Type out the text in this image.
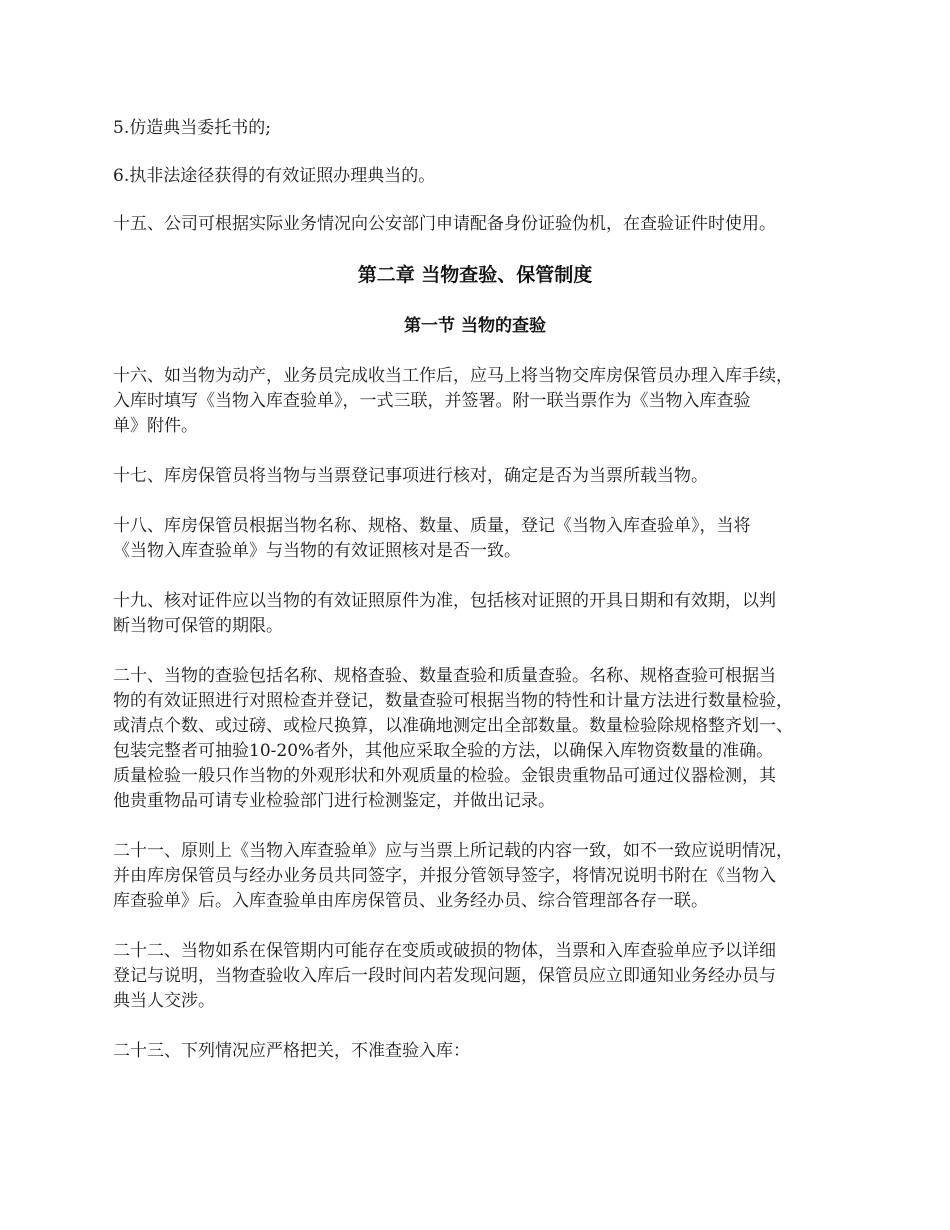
5.仿造典当委托书的;

6.执非法途径获得的有效证照办理典当的。

十五、公司可根据实际业务情况向公安部门申请配备身份证验伪机，在查验证件时使用。

第二章 当物查验、保管制度
第一节 当物的查验

十六、如当物为动产，业务员完成收当工作后，应马上将当物交库房保管员办理入库手续，
入库时填写《当物入库查验单》，一式三联，并签署。附一联当票作为《当物入库查验
单》附件。

十七、库房保管员将当物与当票登记事项进行核对，确定是否为当票所载当物。

十八、库房保管员根据当物名称、规格、数量、质量，登记《当物入库查验单》，当将
《当物入库查验单》与当物的有效证照核对是否一致。

十九、核对证件应以当物的有效证照原件为准，包括核对证照的开具日期和有效期，以判
断当物可保管的期限。

二十、当物的查验包括名称、规格查验、数量查验和质量查验。名称、规格查验可根据当
物的有效证照进行对照检查并登记，数量查验可根据当物的特性和计量方法进行数量检验，
或清点个数、或过磅、或检尺换算，以准确地测定出全部数量。数量检验除规格整齐划一、
包装完整者可抽验10-20%者外，其他应采取全验的方法，以确保入库物资数量的准确。
质量检验一般只作当物的外观形状和外观质量的检验。金银贵重物品可通过仪器检测，其
他贵重物品可请专业检验部门进行检测鉴定，并做出记录。

二十一、原则上《当物入库查验单》应与当票上所记载的内容一致，如不一致应说明情况，
并由库房保管员与经办业务员共同签字，并报分管领导签字，将情况说明书附在《当物入
库查验单》后。入库查验单由库房保管员、业务经办员、综合管理部各存一联。

二十二、当物如系在保管期内可能存在变质或破损的物体，当票和入库查验单应予以详细
登记与说明，当物查验收入库后一段时间内若发现问题，保管员应立即通知业务经办员与
典当人交涉。

二十三、下列情况应严格把关，不准查验入库：
